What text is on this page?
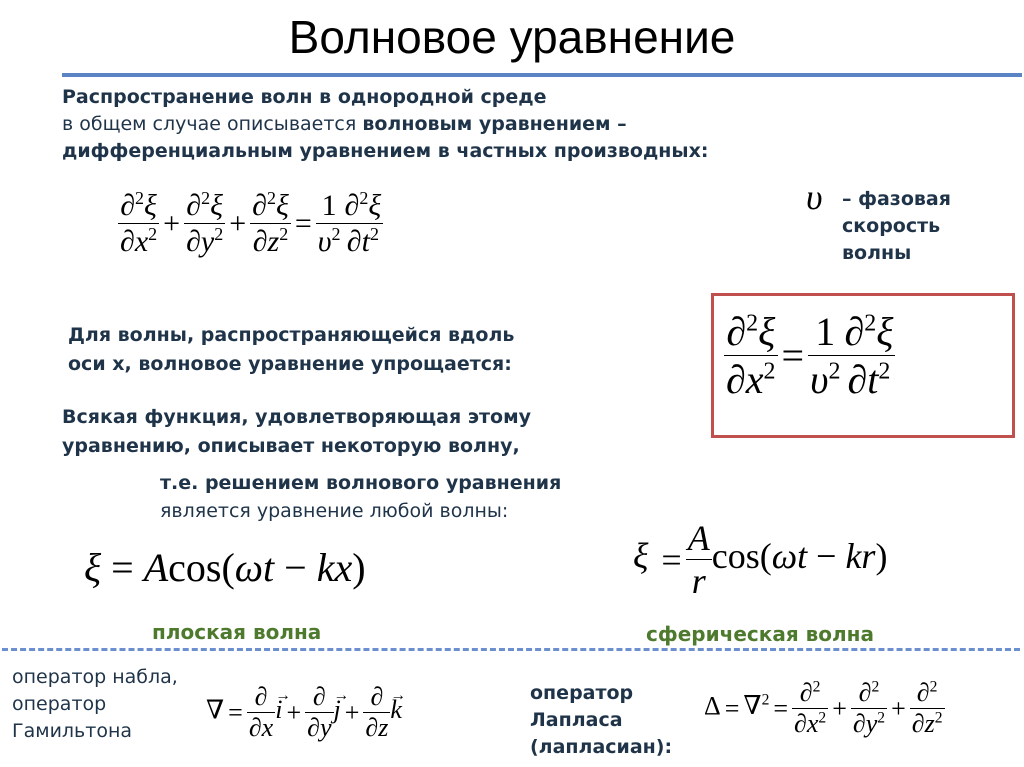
Волновое уравнение
Распространение волн в однородной среде
в общем случае описывается волновым уравнением –
дифференциальным уравнением в частных производных:
$\frac{\partial^2\xi}{\partial x^2} + \frac{\partial^2\xi}{\partial y^2} + \frac{\partial^2\xi}{\partial z^2} = \frac{1}{\upsilon^2} \frac{\partial^2\xi}{\partial t^2}$	υ – фазовая
скорость
волны
Для волны, распространяющейся вдоль
оси x, волновое уравнение упрощается:	$\frac{\partial^2\xi}{\partial x^2} = \frac{1}{\upsilon^2} \frac{\partial^2\xi}{\partial t^2}$
Всякая функция, удовлетворяющая этому
уравнению, описывает некоторую волну,
т.е. решением волнового уравнения
является уравнение любой волны:
ξ = Acos(ωt − kx)
плоская волна
$\xi = \frac{A}{r} \cos(\omega t - kr)$
сферическая волна
оператор набла,
оператор
Гамильтона
∇ = $\frac{\partial}{\partial x}$ i → + $\frac{\partial}{\partial y}$ j → + $\frac{\partial}{\partial z}$ k →
оператор
Лапласа
(лапласиан):
$\Delta = \nabla^2 = \frac{\partial^2}{\partial x^2} + \frac{\partial^2}{\partial y^2} + \frac{\partial^2}{\partial z^2}$
